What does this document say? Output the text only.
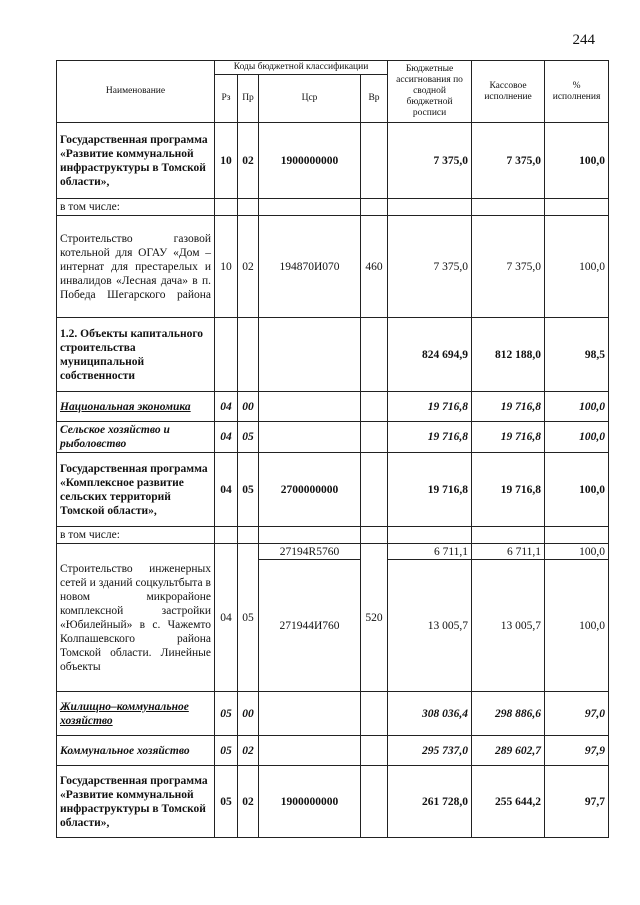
244
Наименование	Коды бюджетной классификации				Бюджетные ассигнования по сводной бюджетной росписи	Кассовое исполнение	% исполнения
	Рз	Пр	Цср	Вр			
Государственная программа «Развитие коммунальной инфраструктуры в Томской области»,	10	02	1900000000		7 375,0	7 375,0	100,0
в том числе:							
Строительство газовой котельной для ОГАУ «Дом – интернат для престарелых и инвалидов «Лесная дача» в п. Победа Шегарского района	10	02	194870И070	460	7 375,0	7 375,0	100,0
1.2. Объекты капитального строительства муниципальной собственности					824 694,9	812 188,0	98,5
Национальная экономика	04	00			19 716,8	19 716,8	100,0
Сельское хозяйство и рыболовство	04	05			19 716,8	19 716,8	100,0
Государственная программа «Комплексное развитие сельских территорий Томской области»,	04	05	2700000000		19 716,8	19 716,8	100,0
в том числе:							
Строительство инженерных сетей и зданий соцкультбыта в новом микрорайоне комплексной застройки «Юбилейный» в с. Чажемто Колпашевского района Томской области. Линейные объекты	04	05	27194R5760	520	6 711,1	6 711,1	100,0
			271944И760		13 005,7	13 005,7	100,0
Жилищно–коммунальное хозяйство	05	00			308 036,4	298 886,6	97,0
Коммунальное хозяйство	05	02			295 737,0	289 602,7	97,9
Государственная программа «Развитие коммунальной инфраструктуры в Томской области»,	05	02	1900000000		261 728,0	255 644,2	97,7
